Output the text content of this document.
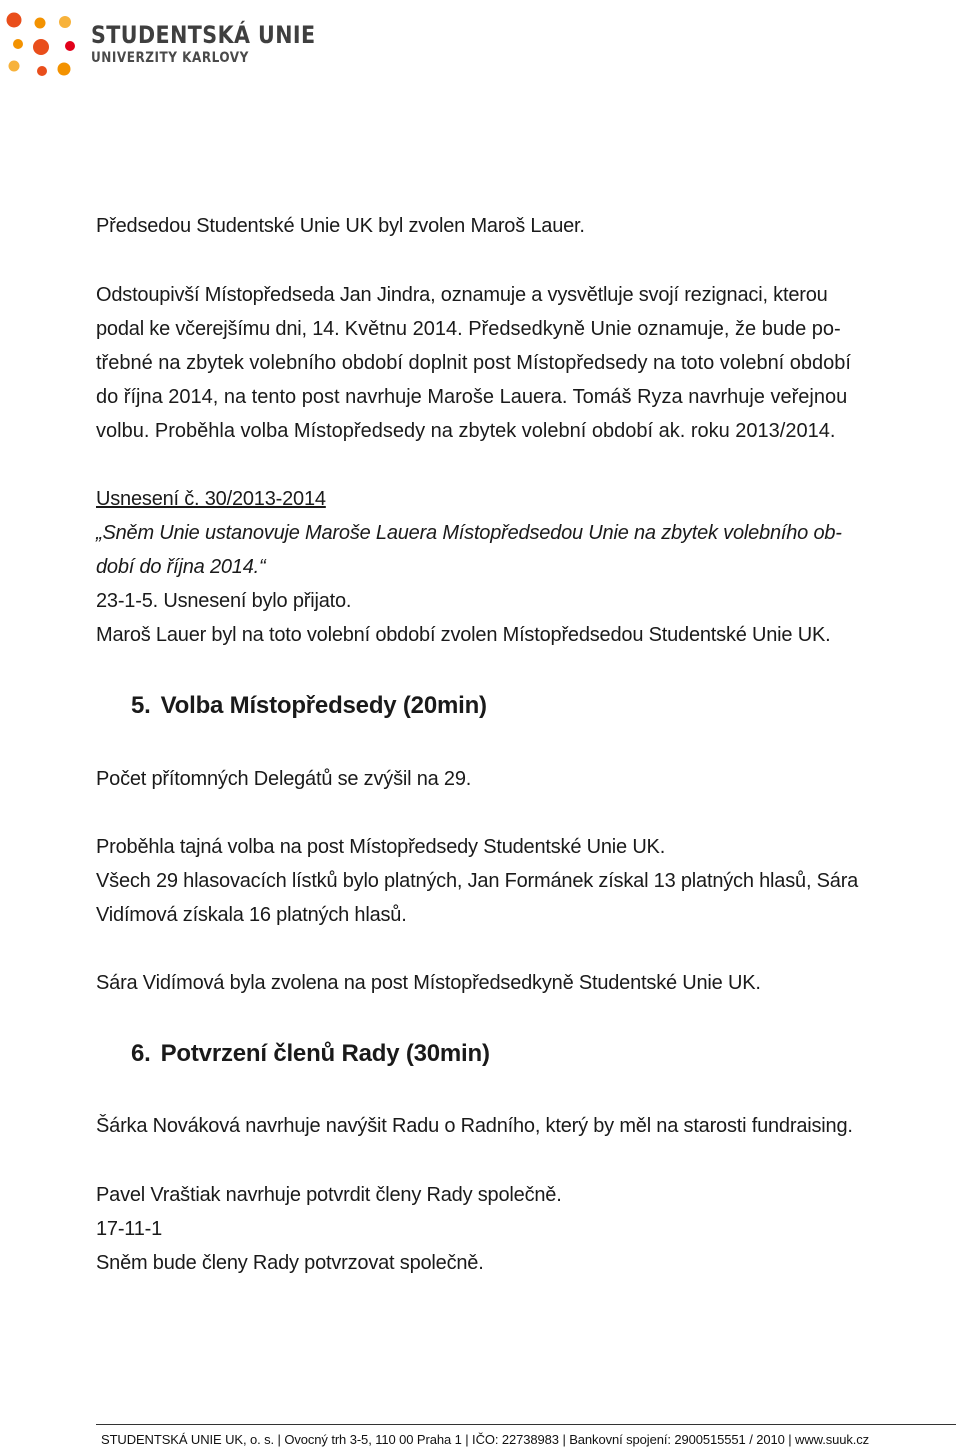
STUDENTSKÁ UNIE
UNIVERZITY KARLOVY
Předsedou Studentské Unie UK byl zvolen Maroš Lauer.
Odstoupivší Místopředseda Jan Jindra, oznamuje a vysvětluje svojí rezignaci, kterou
podal ke včerejšímu dni, 14. Květnu 2014. Předsedkyně Unie oznamuje, že bude po-
třebné na zbytek volebního období doplnit post Místopředsedy na toto volební období
do října 2014, na tento post navrhuje Maroše Lauera. Tomáš Ryza navrhuje veřejnou
volbu. Proběhla volba Místopředsedy na zbytek volební období ak. roku 2013/2014.
Usnesení č. 30/2013-2014
„Sněm Unie ustanovuje Maroše Lauera Místopředsedou Unie na zbytek volebního ob-
dobí do října 2014.“
23-1-5. Usnesení bylo přijato.
Maroš Lauer byl na toto volební období zvolen Místopředsedou Studentské Unie UK.
5. Volba Místopředsedy (20min)
Počet přítomných Delegátů se zvýšil na 29.
Proběhla tajná volba na post Místopředsedy Studentské Unie UK.
Všech 29 hlasovacích lístků bylo platných, Jan Formánek získal 13 platných hlasů, Sára
Vidímová získala 16 platných hlasů.
Sára Vidímová byla zvolena na post Místopředsedkyně Studentské Unie UK.
6. Potvrzení členů Rady (30min)
Šárka Nováková navrhuje navýšit Radu o Radního, který by měl na starosti fundraising.
Pavel Vraštiak navrhuje potvrdit členy Rady společně.
17-11-1
Sněm bude členy Rady potvrzovat společně.
STUDENTSKÁ UNIE UK, o. s. | Ovocný trh 3-5, 110 00 Praha 1 | IČO: 22738983 | Bankovní spojení: 2900515551 / 2010 | www.suuk.cz
